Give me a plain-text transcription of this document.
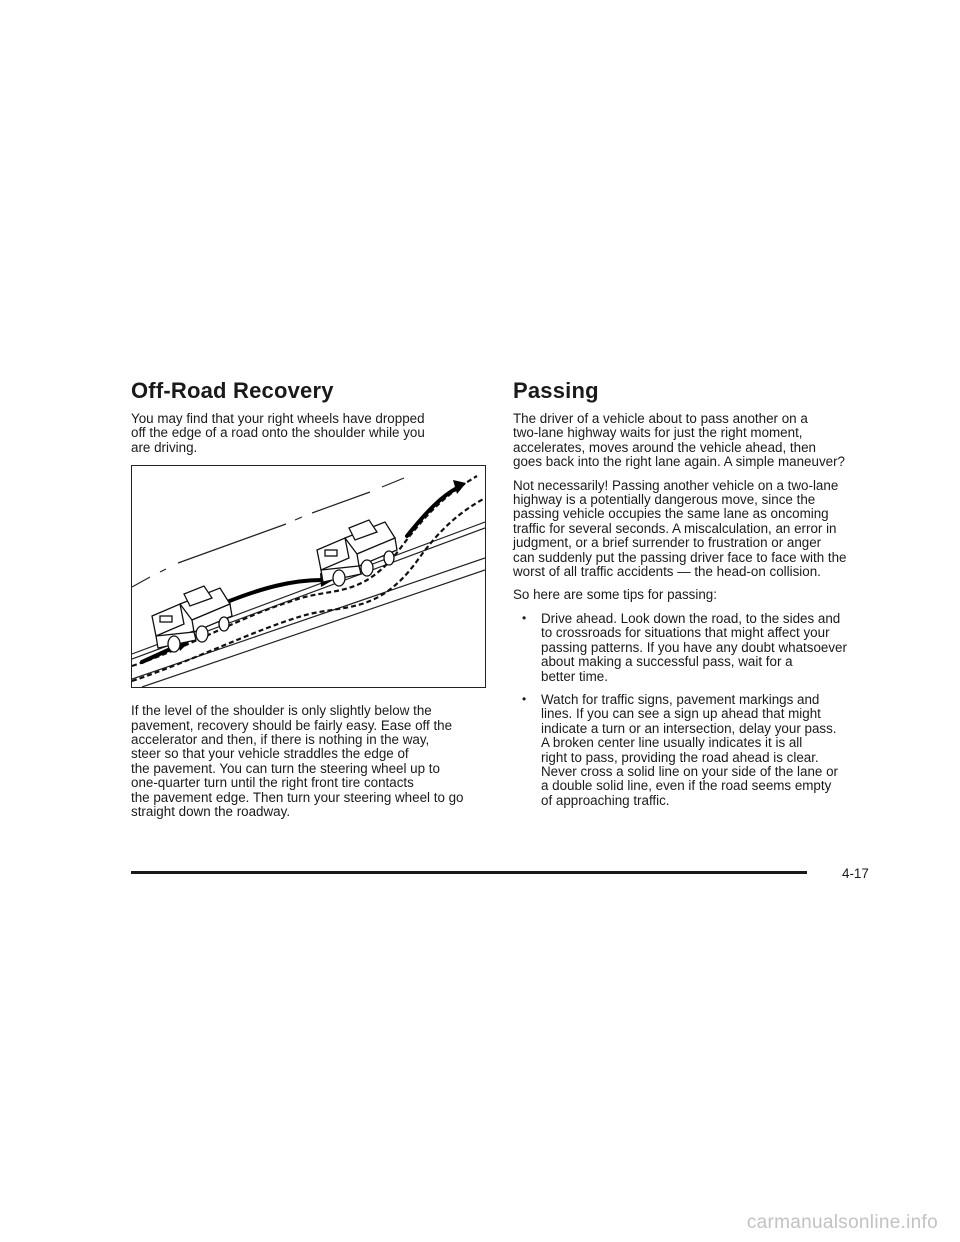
Off-Road Recovery

You may find that your right wheels have dropped
off the edge of a road onto the shoulder while you
are driving.

If the level of the shoulder is only slightly below the
pavement, recovery should be fairly easy. Ease off the
accelerator and then, if there is nothing in the way,
steer so that your vehicle straddles the edge of
the pavement. You can turn the steering wheel up to
one-quarter turn until the right front tire contacts
the pavement edge. Then turn your steering wheel to go
straight down the roadway.

Passing

The driver of a vehicle about to pass another on a
two-lane highway waits for just the right moment,
accelerates, moves around the vehicle ahead, then
goes back into the right lane again. A simple maneuver?

Not necessarily! Passing another vehicle on a two-lane
highway is a potentially dangerous move, since the
passing vehicle occupies the same lane as oncoming
traffic for several seconds. A miscalculation, an error in
judgment, or a brief surrender to frustration or anger
can suddenly put the passing driver face to face with the
worst of all traffic accidents — the head-on collision.

So here are some tips for passing:

• Drive ahead. Look down the road, to the sides and
to crossroads for situations that might affect your
passing patterns. If you have any doubt whatsoever
about making a successful pass, wait for a
better time.

• Watch for traffic signs, pavement markings and
lines. If you can see a sign up ahead that might
indicate a turn or an intersection, delay your pass.
A broken center line usually indicates it is all
right to pass, providing the road ahead is clear.
Never cross a solid line on your side of the lane or
a double solid line, even if the road seems empty
of approaching traffic.

4-17
carmanualsonline.info
